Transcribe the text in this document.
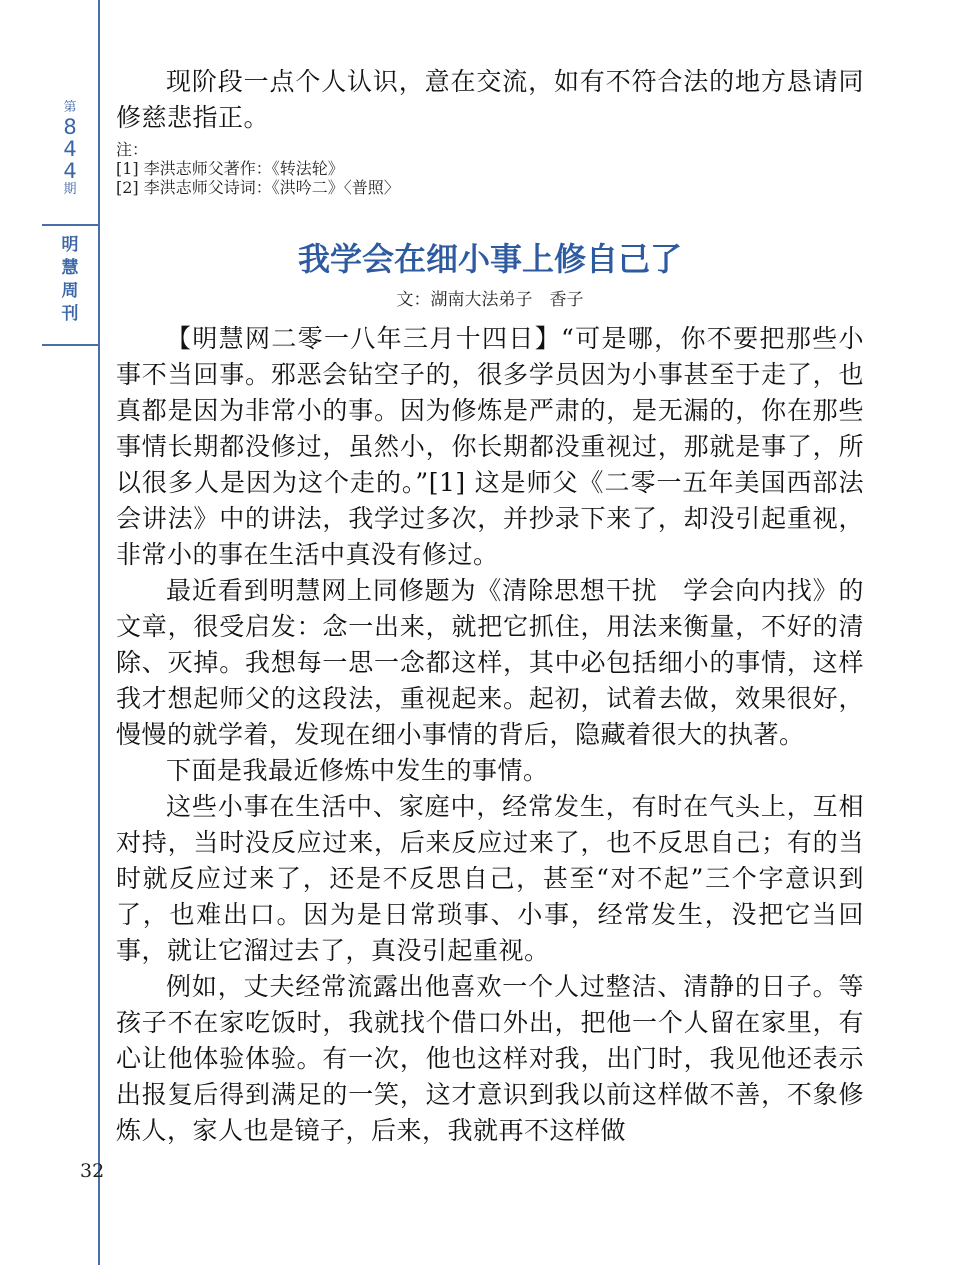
第
8
4
4
期
明
慧
周
刊
32

现阶段一点个人认识，意在交流，如有不符合法的地方恳请同修慈悲指正。

注：
[1] 李洪志师父著作：《转法轮》
[2] 李洪志师父诗词：《洪吟二》〈普照〉
我学会在细小事上修自己了
文：湖南大法弟子　香子

【明慧网二零一八年三月十四日】“可是哪，你不要把那些小事不当回事。邪恶会钻空子的，很多学员因为小事甚至于走了，也真都是因为非常小的事。因为修炼是严肃的，是无漏的，你在那些事情长期都没修过，虽然小，你长期都没重视过，那就是事了，所以很多人是因为这个走的。”[1] 这是师父《二零一五年美国西部法会讲法》中的讲法，我学过多次，并抄录下来了，却没引起重视，非常小的事在生活中真没有修过。

最近看到明慧网上同修题为《清除思想干扰　学会向内找》的文章，很受启发：念一出来，就把它抓住，用法来衡量，不好的清除、灭掉。我想每一思一念都这样，其中必包括细小的事情，这样我才想起师父的这段法，重视起来。起初，试着去做，效果很好，慢慢的就学着，发现在细小事情的背后，隐藏着很大的执著。

下面是我最近修炼中发生的事情。

这些小事在生活中、家庭中，经常发生，有时在气头上，互相对持，当时没反应过来，后来反应过来了，也不反思自己；有的当时就反应过来了，还是不反思自己，甚至“对不起”三个字意识到了，也难出口。因为是日常琐事、小事，经常发生，没把它当回事，就让它溜过去了，真没引起重视。

例如，丈夫经常流露出他喜欢一个人过整洁、清静的日子。等孩子不在家吃饭时，我就找个借口外出，把他一个人留在家里，有心让他体验体验。有一次，他也这样对我，出门时，我见他还表示出报复后得到满足的一笑，这才意识到我以前这样做不善，不象修炼人，家人也是镜子，后来，我就再不这样做
